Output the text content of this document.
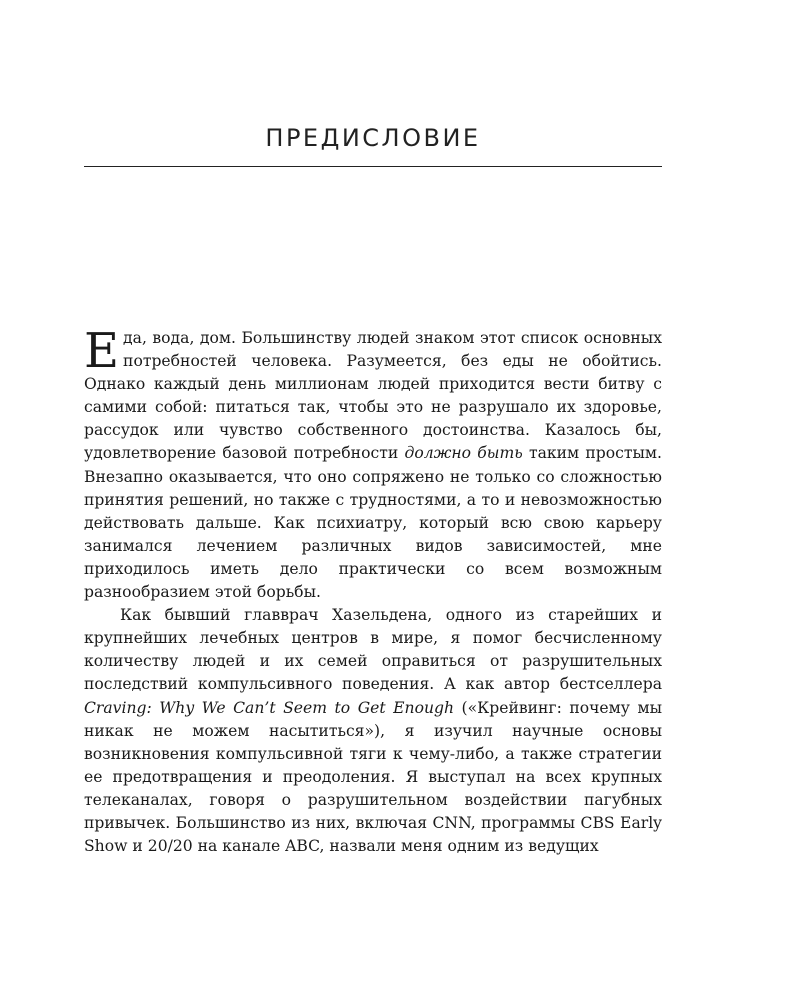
ПРЕДИСЛОВИЕ

Еда, вода, дом. Большинству людей знаком этот список основных потребностей человека. Разумеется, без еды не обойтись. Однако каждый день миллионам людей приходится вести битву с самими собой: питаться так, чтобы это не разрушало их здоровье, рассудок или чувство собственного достоинства. Казалось бы, удовлетворение базовой потребности должно быть таким простым. Внезапно оказывается, что оно сопряжено не только со сложностью принятия решений, но также с трудностями, а то и невозможностью действовать дальше. Как психиатру, который всю свою карьеру занимался лечением различных видов зависимостей, мне приходилось иметь дело практически со всем возможным разнообразием этой борьбы.

Как бывший главврач Хазельдена, одного из старейших и крупнейших лечебных центров в мире, я помог бесчисленному количеству людей и их семей оправиться от разрушительных последствий компульсивного поведения. А как автор бестселлера Craving: Why We Can’t Seem to Get Enough («Крейвинг: почему мы никак не можем насытиться»), я изучил научные основы возникновения компульсивной тяги к чему-либо, а также стратегии ее предотвращения и преодоления. Я выступал на всех крупных телеканалах, говоря о разрушительном воздействии пагубных привычек. Большинство из них, включая CNN, программы CBS Early Show и 20/20 на канале ABC, назвали меня одним из ведущих
